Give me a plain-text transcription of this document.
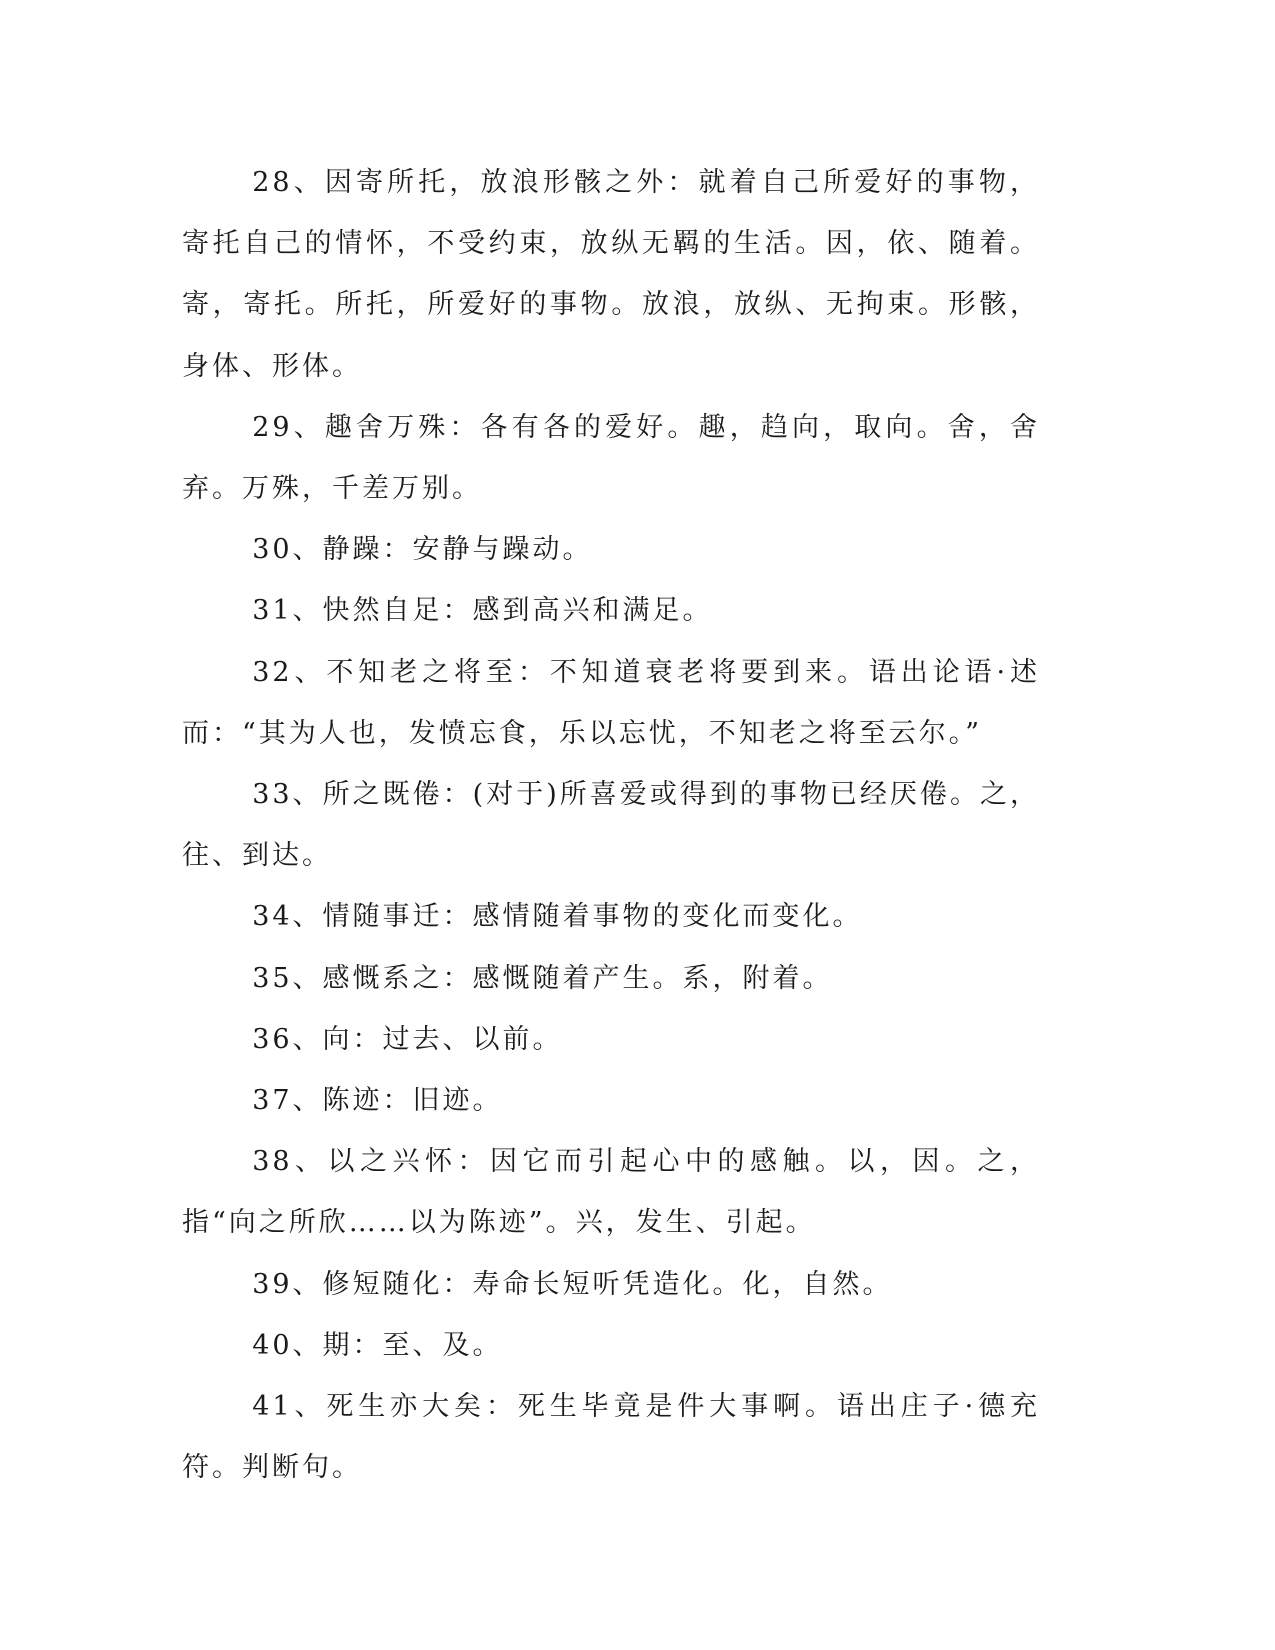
28、因寄所托，放浪形骸之外：就着自己所爱好的事物，寄托自己的情怀，不受约束，放纵无羁的生活。因，依、随着。寄，寄托。所托，所爱好的事物。放浪，放纵、无拘束。形骸，身体、形体。

29、趣舍万殊：各有各的爱好。趣，趋向，取向。舍，舍弃。万殊，千差万别。

30、静躁：安静与躁动。

31、快然自足：感到高兴和满足。

32、不知老之将至：不知道衰老将要到来。语出论语·述而：“其为人也，发愤忘食，乐以忘忧，不知老之将至云尔。”

33、所之既倦：(对于)所喜爱或得到的事物已经厌倦。之，往、到达。

34、情随事迁：感情随着事物的变化而变化。

35、感慨系之：感慨随着产生。系，附着。

36、向：过去、以前。

37、陈迹：旧迹。

38、以之兴怀：因它而引起心中的感触。以，因。之，指“向之所欣……以为陈迹”。兴，发生、引起。

39、修短随化：寿命长短听凭造化。化，自然。

40、期：至、及。

41、死生亦大矣：死生毕竟是件大事啊。语出庄子·德充符。判断句。
